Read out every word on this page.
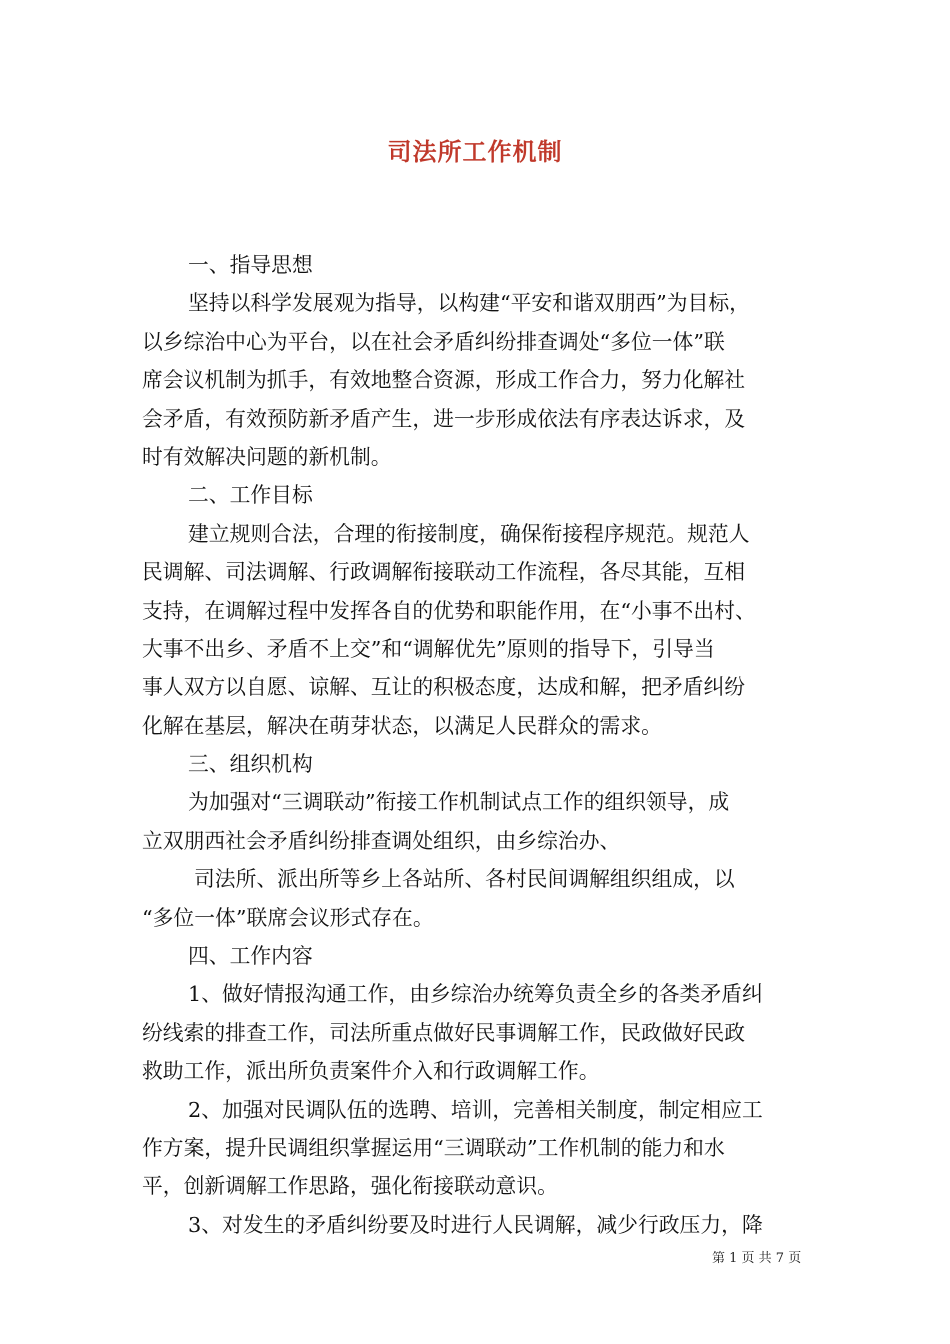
司法所工作机制
一、指导思想
坚持以科学发展观为指导，以构建“平安和谐双朋西”为目标，
以乡综治中心为平台，以在社会矛盾纠纷排查调处“多位一体”联
席会议机制为抓手，有效地整合资源，形成工作合力，努力化解社
会矛盾，有效预防新矛盾产生，进一步形成依法有序表达诉求，及
时有效解决问题的新机制。
二、工作目标
建立规则合法，合理的衔接制度，确保衔接程序规范。规范人
民调解、司法调解、行政调解衔接联动工作流程，各尽其能，互相
支持，在调解过程中发挥各自的优势和职能作用，在“小事不出村、
大事不出乡、矛盾不上交”和“调解优先”原则的指导下，引导当
事人双方以自愿、谅解、互让的积极态度，达成和解，把矛盾纠纷
化解在基层，解决在萌芽状态，以满足人民群众的需求。
三、组织机构
为加强对“三调联动”衔接工作机制试点工作的组织领导，成
立双朋西社会矛盾纠纷排查调处组织，由乡综治办、
司法所、派出所等乡上各站所、各村民间调解组织组成，以
“多位一体”联席会议形式存在。
四、工作内容
1、做好情报沟通工作，由乡综治办统筹负责全乡的各类矛盾纠
纷线索的排查工作，司法所重点做好民事调解工作，民政做好民政
救助工作，派出所负责案件介入和行政调解工作。
2、加强对民调队伍的选聘、培训，完善相关制度，制定相应工
作方案，提升民调组织掌握运用“三调联动”工作机制的能力和水
平，创新调解工作思路，强化衔接联动意识。
3、对发生的矛盾纠纷要及时进行人民调解，减少行政压力，降
第 1 页 共 7 页
